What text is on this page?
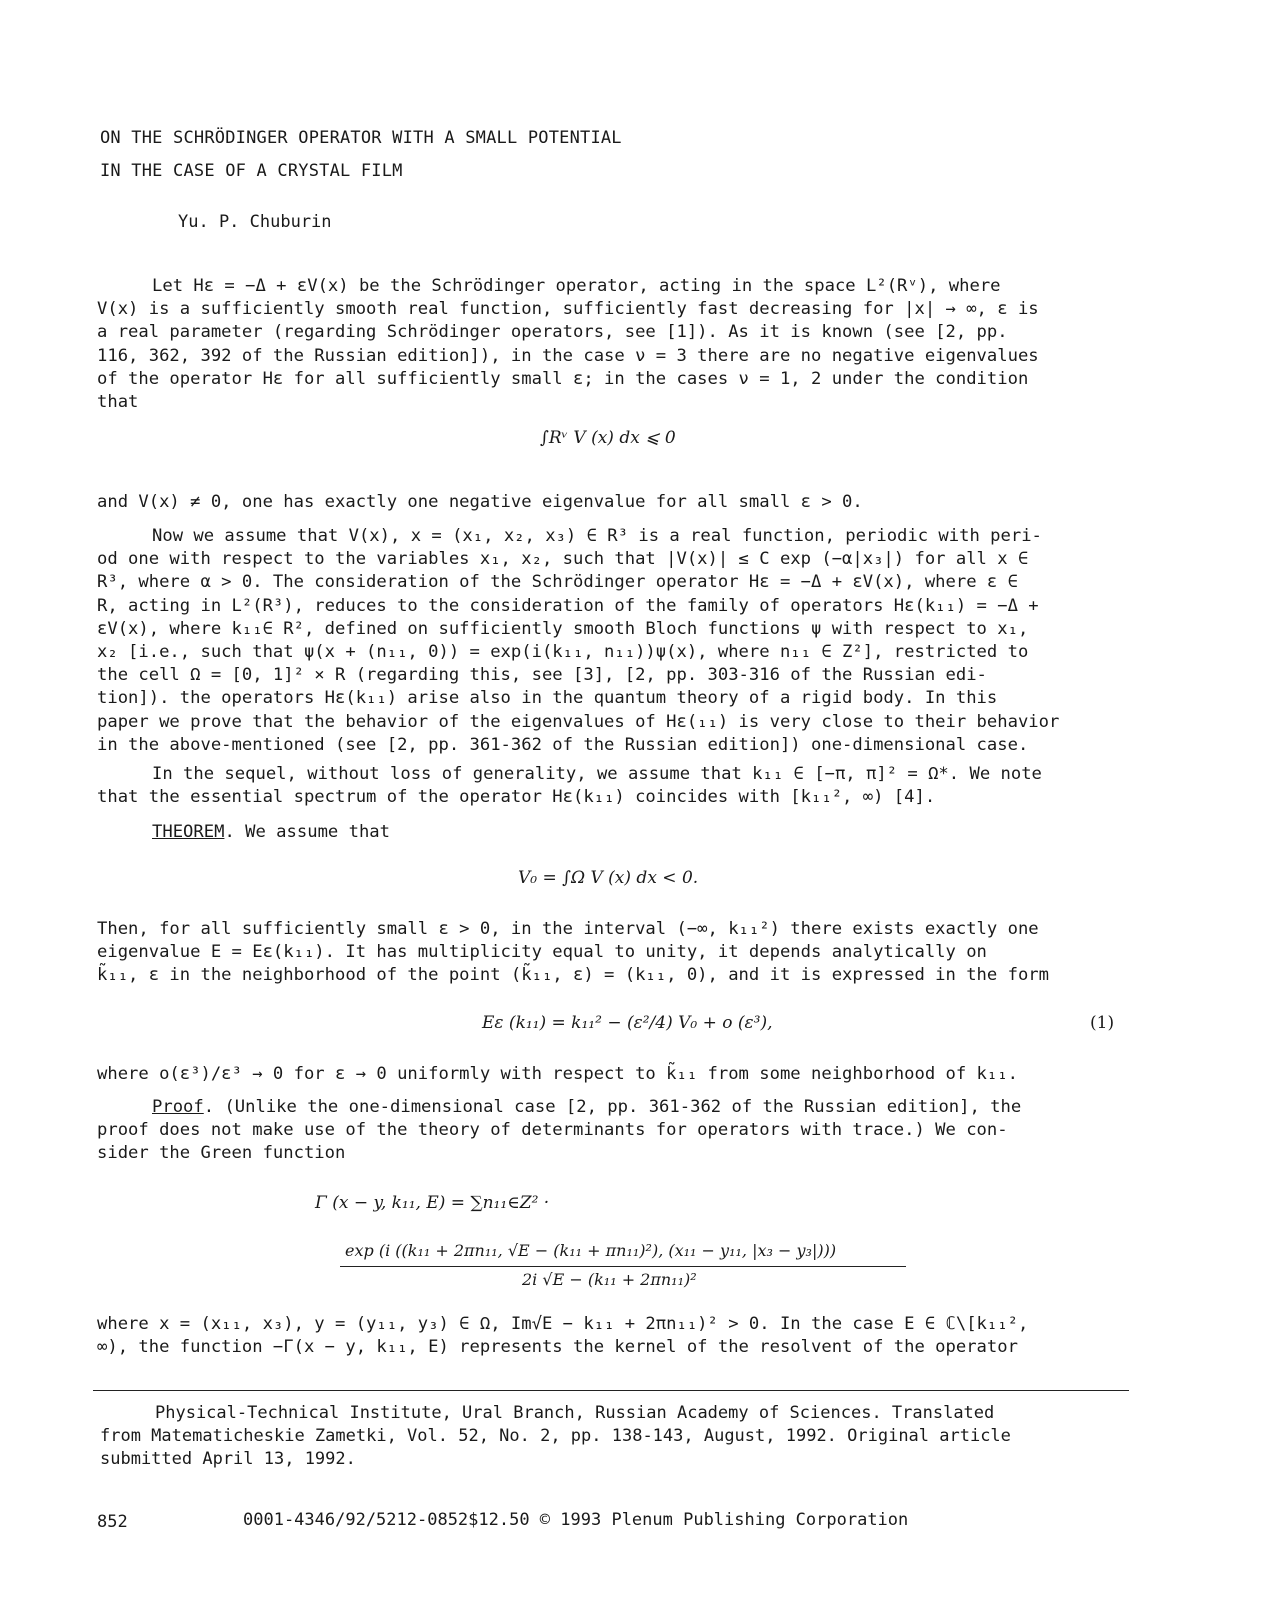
ON THE SCHRÖDINGER OPERATOR WITH A SMALL POTENTIAL
IN THE CASE OF A CRYSTAL FILM
Yu. P. Chuburin
Let Hε = −Δ + εV(x) be the Schrödinger operator, acting in the space L²(Rᵛ), where
V(x) is a sufficiently smooth real function, sufficiently fast decreasing for |x| → ∞, ε is
a real parameter (regarding Schrödinger operators, see [1]). As it is known (see [2, pp.
116, 362, 392 of the Russian edition]), in the case ν = 3 there are no negative eigenvalues
of the operator Hε for all sufficiently small ε; in the cases ν = 1, 2 under the condition
that
∫Rᵛ V (x) dx ⩽ 0
and V(x) ≠ 0, one has exactly one negative eigenvalue for all small ε > 0.
Now we assume that V(x), x = (x₁, x₂, x₃) ∈ R³ is a real function, periodic with peri-
od one with respect to the variables x₁, x₂, such that |V(x)| ≤ C exp (−α|x₃|) for all x ∈
R³, where α > 0. The consideration of the Schrödinger operator Hε = −Δ + εV(x), where ε ∈
R, acting in L²(R³), reduces to the consideration of the family of operators Hε(k₁₁) = −Δ +
εV(x), where k₁₁∈ R², defined on sufficiently smooth Bloch functions ψ with respect to x₁,
x₂ [i.e., such that ψ(x + (n₁₁, 0)) = exp(i(k₁₁, n₁₁))ψ(x), where n₁₁ ∈ Z²], restricted to
the cell Ω = [0, 1]² × R (regarding this, see [3], [2, pp. 303-316 of the Russian edi-
tion]). the operators Hε(k₁₁) arise also in the quantum theory of a rigid body. In this
paper we prove that the behavior of the eigenvalues of Hε(₁₁) is very close to their behavior
in the above-mentioned (see [2, pp. 361-362 of the Russian edition]) one-dimensional case.
In the sequel, without loss of generality, we assume that k₁₁ ∈ [−π, π]² = Ω*. We note
that the essential spectrum of the operator Hε(k₁₁) coincides with [k₁₁², ∞) [4].
THEOREM. We assume that
V₀ = ∫Ω V (x) dx < 0.
Then, for all sufficiently small ε > 0, in the interval (−∞, k₁₁²) there exists exactly one
eigenvalue E = Eε(k₁₁). It has multiplicity equal to unity, it depends analytically on
k̃₁₁, ε in the neighborhood of the point (k̃₁₁, ε) = (k₁₁, 0), and it is expressed in the form
Eε (k₁₁) = k₁₁² − (ε²/4) V₀ + o (ε³),	(1)
where o(ε³)/ε³ → 0 for ε → 0 uniformly with respect to k̃₁₁ from some neighborhood of k₁₁.
Proof. (Unlike the one-dimensional case [2, pp. 361-362 of the Russian edition], the
proof does not make use of the theory of determinants for operators with trace.) We con-
sider the Green function
Γ (x − y, k₁₁, E) = ∑n₁₁∈Z² ·
exp (i ((k₁₁ + 2πn₁₁, √E − (k₁₁ + πn₁₁)²), (x₁₁ − y₁₁, |x₃ − y₃|)))
2i √E − (k₁₁ + 2πn₁₁)²
where x = (x₁₁, x₃), y = (y₁₁, y₃) ∈ Ω, Im√E − k₁₁ + 2πn₁₁)² > 0. In the case E ∈ ℂ\[k₁₁²,
∞), the function −Γ(x − y, k₁₁, E) represents the kernel of the resolvent of the operator
Physical-Technical Institute, Ural Branch, Russian Academy of Sciences. Translated
from Matematicheskie Zametki, Vol. 52, No. 2, pp. 138-143, August, 1992. Original article
submitted April 13, 1992.
852	0001-4346/92/5212-0852$12.50 © 1993 Plenum Publishing Corporation
